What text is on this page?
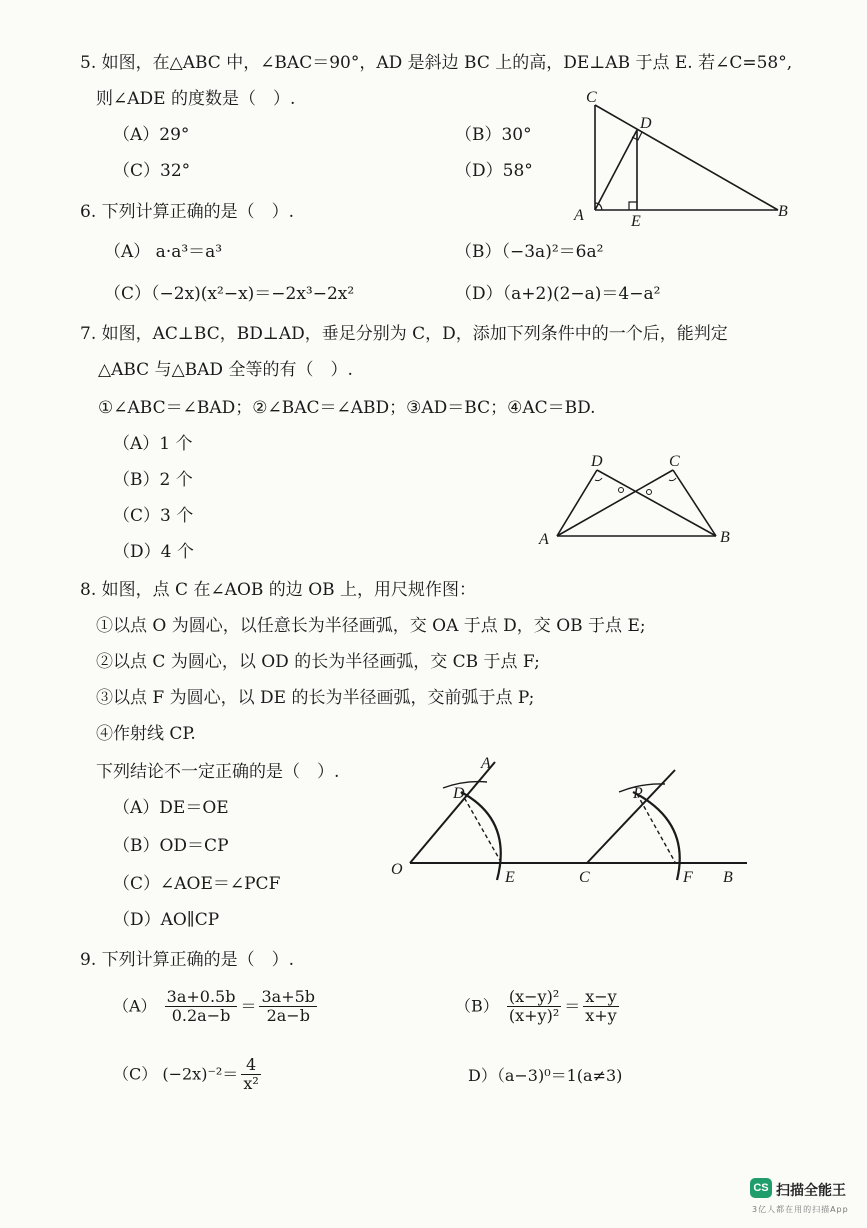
5. 如图，在△ABC 中，∠BAC＝90°，AD 是斜边 BC 上的高，DE⊥AB 于点 E. 若∠C=58°,
则∠ADE 的度数是（　）.
（A）29°	（B）30°
（C）32°	（D）58°
C
D
A	E
B
6. 下列计算正确的是（　）.
（A） a·a³＝a³	（B）（−3a)²＝6a²
（C）（−2x)(x²−x)＝−2x³−2x²	（D）（a+2)(2−a)＝4−a²
7. 如图，AC⊥BC，BD⊥AD，垂足分别为 C，D，添加下列条件中的一个后，能判定
△ABC 与△BAD 全等的有（　）.
①∠ABC＝∠BAD；②∠BAC＝∠ABD；③AD＝BC；④AC＝BD.
（A）1 个
（B）2 个
（C）3 个
（D）4 个
D	C
A	B
8. 如图，点 C 在∠AOB 的边 OB 上，用尺规作图：
①以点 O 为圆心，以任意长为半径画弧，交 OA 于点 D，交 OB 于点 E;
②以点 C 为圆心，以 OD 的长为半径画弧，交 CB 于点 F;
③以点 F 为圆心，以 DE 的长为半径画弧，交前弧于点 P;
④作射线 CP.
下列结论不一定正确的是（　）.
（A）DE＝OE
（B）OD＝CP
（C）∠AOE＝∠PCF
（D）AO∥CP
A
D
O	E
P
C	F B
9. 下列计算正确的是（　）.
$(A) \frac{3a+0.5b}{0.2a-b} = \frac{3a+5b}{2a-b}$	$(B) \frac{\text{(x−y)²}}{\text{(x+y)²}} = \frac{x-y}{x+y}$
（C） $(-2x)^{-2}= \frac{4}{\text{x²}}$	D）（a−3)⁰＝1(a≠3)
CS 扫描全能王
3亿人都在用的扫描App
